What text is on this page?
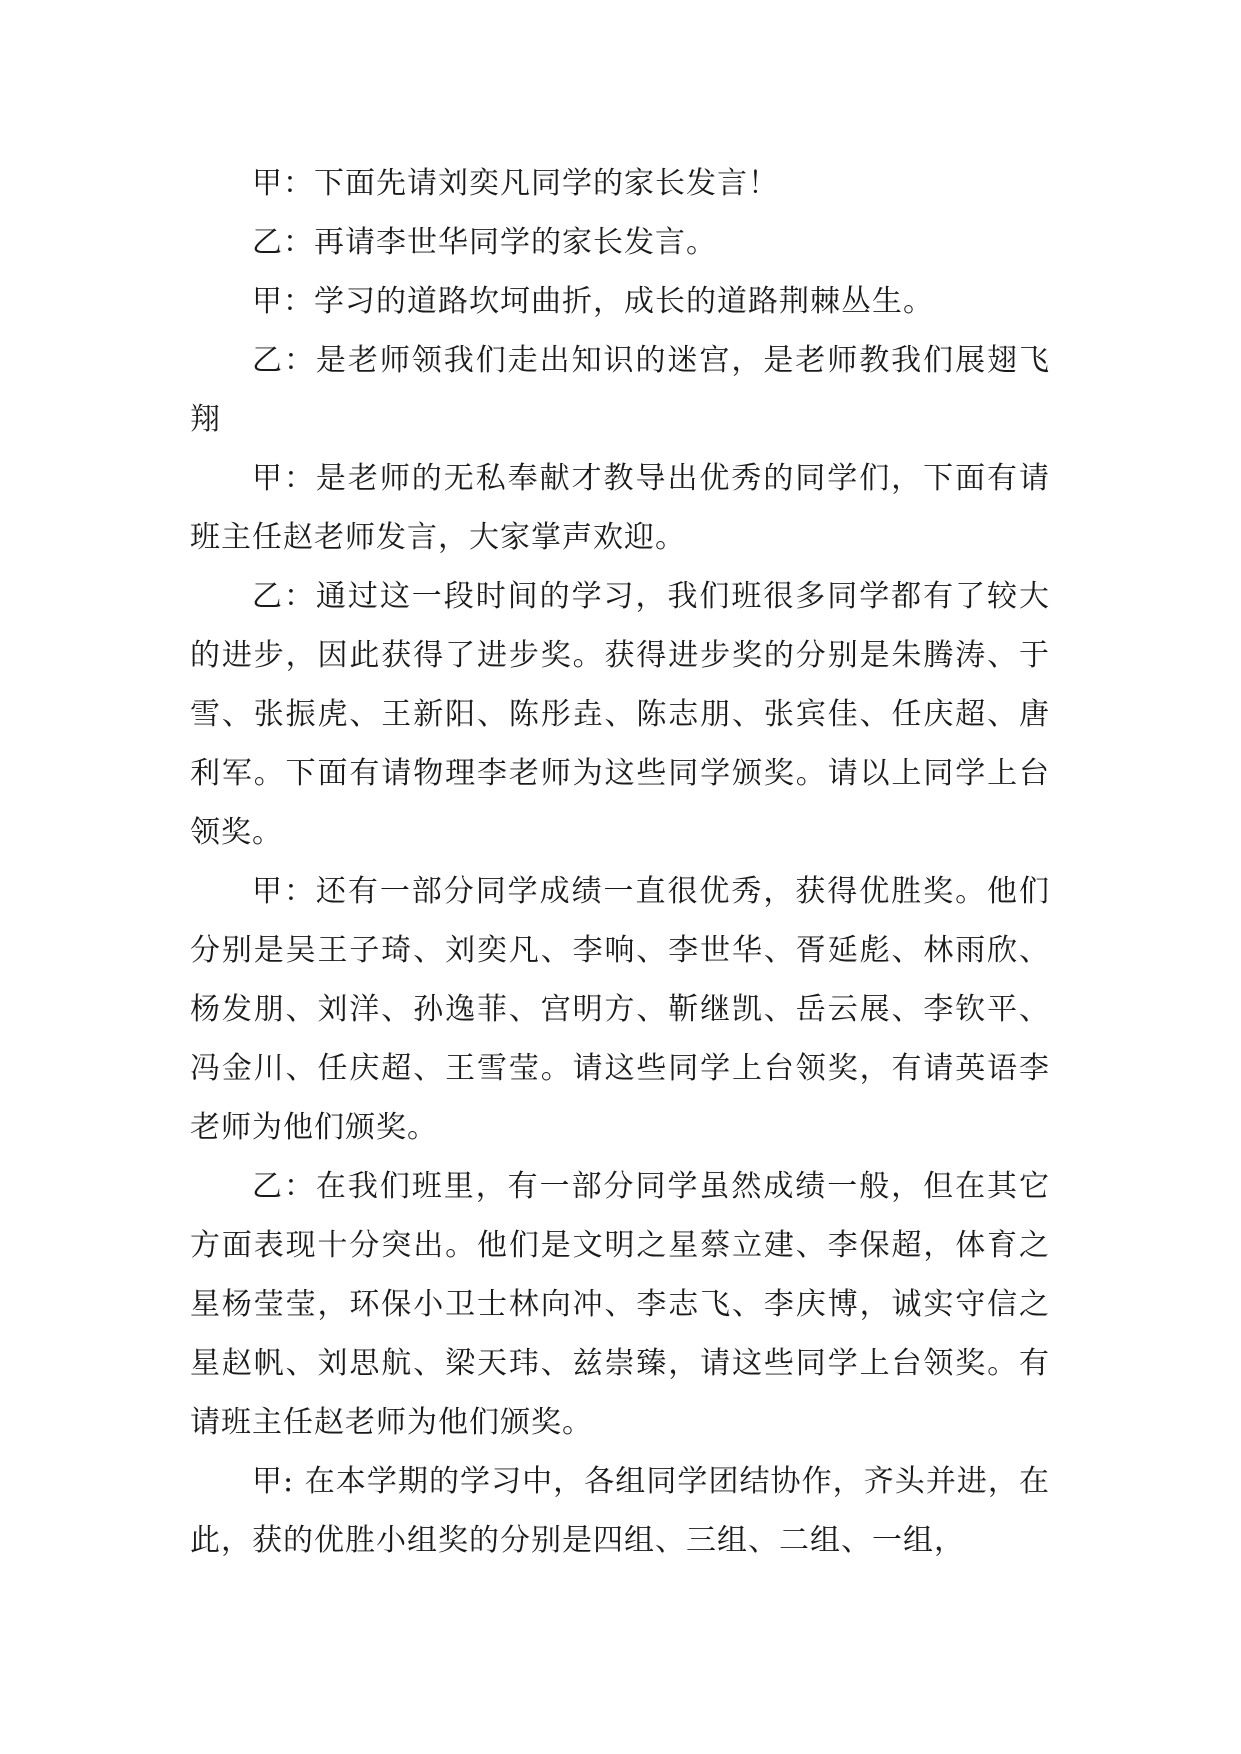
甲：下面先请刘奕凡同学的家长发言！

乙：再请李世华同学的家长发言。

甲：学习的道路坎坷曲折，成长的道路荆棘丛生。

乙：是老师领我们走出知识的迷宫，是老师教我们展翅飞翔

甲：是老师的无私奉献才教导出优秀的同学们，下面有请班主任赵老师发言，大家掌声欢迎。

乙：通过这一段时间的学习，我们班很多同学都有了较大的进步，因此获得了进步奖。获得进步奖的分别是朱腾涛、于雪、张振虎、王新阳、陈彤垚、陈志朋、张宾佳、任庆超、唐利军。下面有请物理李老师为这些同学颁奖。请以上同学上台领奖。

甲：还有一部分同学成绩一直很优秀，获得优胜奖。他们分别是吴王子琦、刘奕凡、李响、李世华、胥延彪、林雨欣、杨发朋、刘洋、孙逸菲、宫明方、靳继凯、岳云展、李钦平、冯金川、任庆超、王雪莹。请这些同学上台领奖，有请英语李老师为他们颁奖。

乙：在我们班里，有一部分同学虽然成绩一般，但在其它方面表现十分突出。他们是文明之星蔡立建、李保超，体育之星杨莹莹，环保小卫士林向冲、李志飞、李庆博，诚实守信之星赵帆、刘思航、梁天玮、兹崇臻，请这些同学上台领奖。有请班主任赵老师为他们颁奖。

甲: 在本学期的学习中，各组同学团结协作，齐头并进，在此，获的优胜小组奖的分别是四组、三组、二组、一组，
